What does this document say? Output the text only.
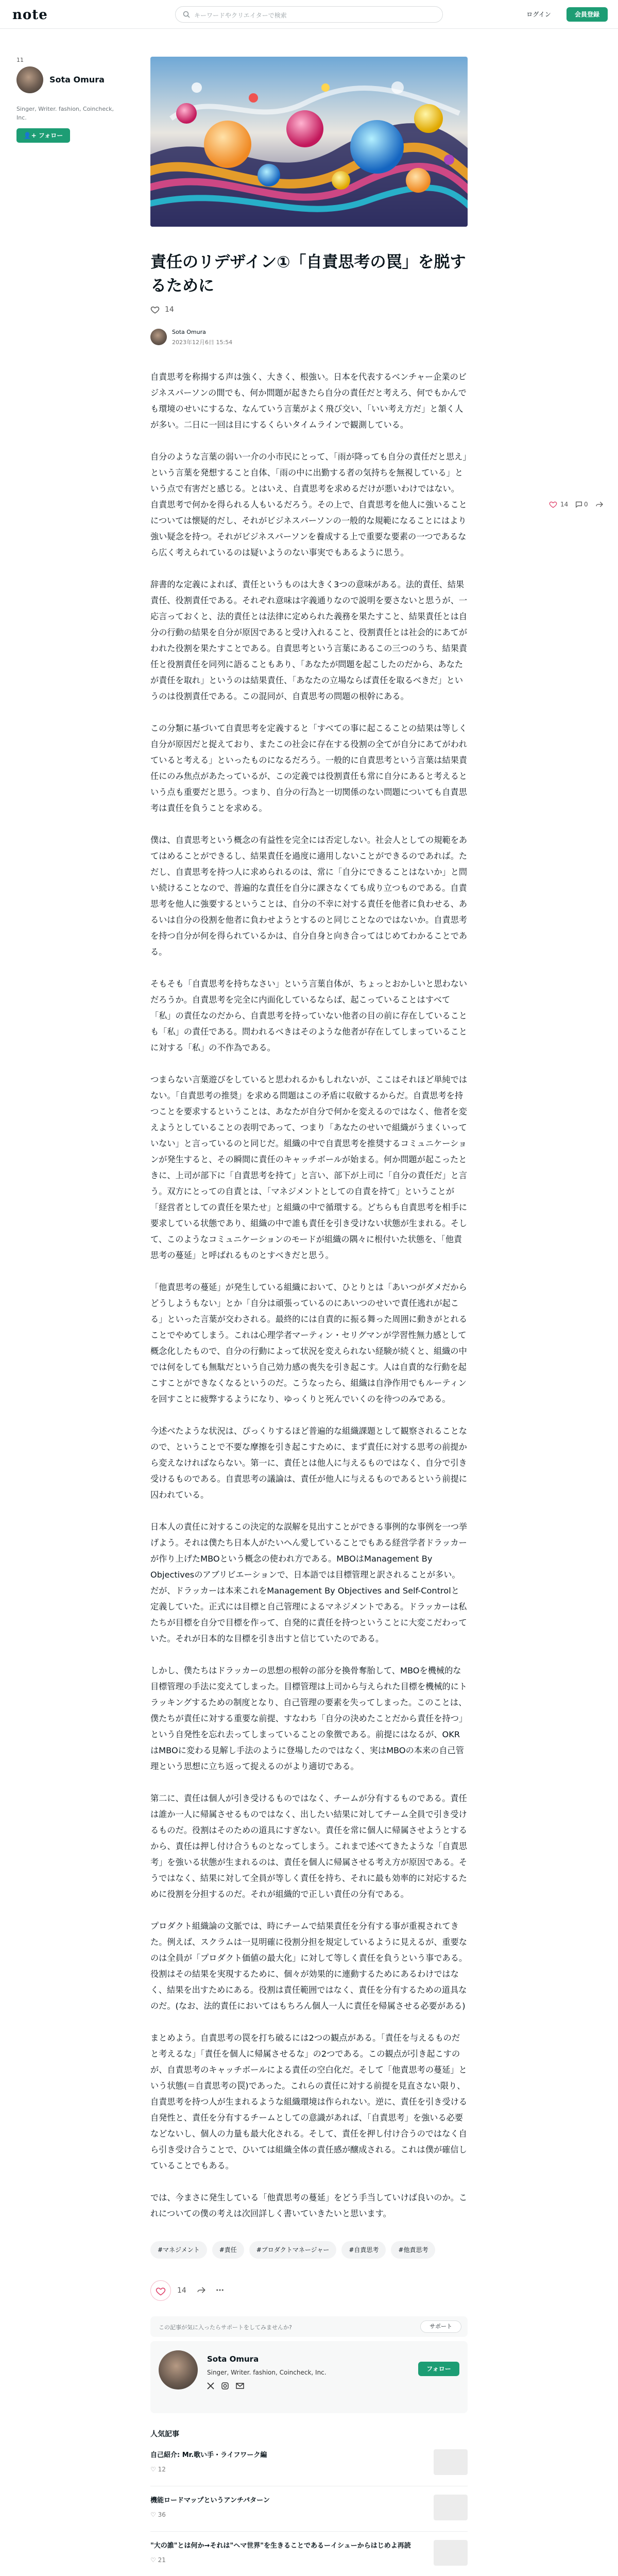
note	キーワードやクリエイターで検索	ログイン	会員登録
11
Sota Omura
Singer, Writer. fashion, Coincheck, Inc.
👤+ フォロー
14	0
責任のリデザイン①「自責思考の罠」を脱するために
14
Sota Omura
2023年12月6日 15:54

自責思考を称揚する声は強く、大きく、根強い。日本を代表するベンチャー企業のビジネスパーソンの間でも、何か問題が起きたら自分の責任だと考えろ、何でもかんでも環境のせいにするな、なんていう言葉がよく飛び交い、「いい考え方だ」と頷く人が多い。二日に一回は目にするくらいタイムラインで観測している。

自分のような言葉の弱い一介の小市民にとって、「雨が降っても自分の責任だと思え」という言葉を発想すること自体、「雨の中に出勤する者の気持ちを無視している」という点で有害だと感じる。とはいえ、自責思考を求めるだけが悪いわけではない。自責思考で何かを得られる人もいるだろう。その上で、自責思考を他人に強いることについては懐疑的だし、それがビジネスパーソンの一般的な規範になることにはより強い疑念を持つ。それがビジネスパーソンを養成する上で重要な要素の一つであるなら広く考えられているのは疑いようのない事実でもあるように思う。

辞書的な定義によれば、責任というものは大きく3つの意味がある。法的責任、結果責任、役割責任である。それぞれ意味は字義通りなので説明を要さないと思うが、一応言っておくと、法的責任とは法律に定められた義務を果たすこと、結果責任とは自分の行動の結果を自分が原因であると受け入れること、役割責任とは社会的にあてがわれた役割を果たすことである。自責思考という言葉にあるこの三つのうち、結果責任と役割責任を同列に語ることもあり、「あなたが問題を起こしたのだから、あなたが責任を取れ」というのは結果責任、「あなたの立場ならば責任を取るべきだ」というのは役割責任である。この混同が、自責思考の問題の根幹にある。

この分類に基づいて自責思考を定義すると「すべての事に起こることの結果は等しく自分が原因だと捉えており、またこの社会に存在する役割の全てが自分にあてがわれていると考える」といったものになるだろう。一般的に自責思考という言葉は結果責任にのみ焦点があたっているが、この定義では役割責任も常に自分にあると考えるという点も重要だと思う。つまり、自分の行為と一切関係のない問題についても自責思考は責任を負うことを求める。

僕は、自責思考という概念の有益性を完全には否定しない。社会人としての規範をあてはめることができるし、結果責任を過度に適用しないことができるのであれば。ただし、自責思考を持つ人に求められるのは、常に「自分にできることはないか」と問い続けることなので、普遍的な責任を自分に課さなくても成り立つものである。自責思考を他人に強要するということは、自分の不幸に対する責任を他者に負わせる、あるいは自分の役割を他者に負わせようとするのと同じことなのではないか。自責思考を持つ自分が何を得られているかは、自分自身と向き合ってはじめてわかることである。

そもそも「自責思考を持ちなさい」という言葉自体が、ちょっとおかしいと思わないだろうか。自責思考を完全に内面化しているならば、起こっていることはすべて「私」の責任なのだから、自責思考を持っていない他者の目の前に存在していることも「私」の責任である。問われるべきはそのような他者が存在してしまっていることに対する「私」の不作為である。

つまらない言葉遊びをしていると思われるかもしれないが、ここはそれほど単純ではない。「自責思考の推奨」を求める問題はこの矛盾に収斂するからだ。自責思考を持つことを要求するということは、あなたが自分で何かを変えるのではなく、他者を変えようとしていることの表明であって、つまり「あなたのせいで組織がうまくいっていない」と言っているのと同じだ。組織の中で自責思考を推奨するコミュニケーションが発生すると、その瞬間に責任のキャッチボールが始まる。何か問題が起こったときに、上司が部下に「自責思考を持て」と言い、部下が上司に「自分の責任だ」と言う。双方にとっての自責とは、「マネジメントとしての自責を持て」ということが「経営者としての責任を果たせ」と組織の中で循環する。どちらも自責思考を相手に要求している状態であり、組織の中で誰も責任を引き受けない状態が生まれる。そして、このようなコミュニケーションのモードが組織の隅々に根付いた状態を、「他責思考の蔓延」と呼ばれるものとすべきだと思う。

「他責思考の蔓延」が発生している組織において、ひとりとは「あいつがダメだからどうしようもない」とか「自分は頑張っているのにあいつのせいで責任逃れが起こる」といった言葉が交わされる。最終的には自責的に振る舞った周囲に動きがとれることでやめてしまう。これは心理学者マーティン・セリグマンが学習性無力感として概念化したもので、自分の行動によって状況を変えられない経験が続くと、組織の中では何をしても無駄だという自己効力感の喪失を引き起こす。人は自責的な行動を起こすことができなくなるというのだ。こうなったら、組織は自浄作用でもルーティンを回すことに疲弊するようになり、ゆっくりと死んでいくのを待つのみである。

今述べたような状況は、ぴっくりするほど普遍的な組織課題として観察されることなので、ということで不要な摩擦を引き起こすために、まず責任に対する思考の前提から変えなければならない。第一に、責任とは他人に与えるものではなく、自分で引き受けるものである。自責思考の議論は、責任が他人に与えるものであるという前提に囚われている。

日本人の責任に対するこの決定的な誤解を見出すことができる事例的な事例を一つ挙げよう。それは僕たち日本人がたいへん愛していることでもある経営学者ドラッカーが作り上げたMBOという概念の使われ方である。MBOはManagement By Objectivesのアブリビエーションで、日本語では目標管理と訳されることが多い。だが、ドラッカーは本来これをManagement By Objectives and Self-Controlと定義していた。正式には目標と自己管理によるマネジメントである。ドラッカーは私たちが目標を自分で目標を作って、自発的に責任を持つということに大変こだわっていた。それが日本的な目標を引き出すと信じていたのである。

しかし、僕たちはドラッカーの思想の根幹の部分を換骨奪胎して、MBOを機械的な目標管理の手法に変えてしまった。目標管理は上司から与えられた目標を機械的にトラッキングするための制度となり、自己管理の要素を失ってしまった。このことは、僕たちが責任に対する重要な前提、すなわち「自分の決めたことだから責任を持つ」という自発性を忘れ去ってしまっていることの象徴である。前提にはなるが、OKRはMBOに変わる見解し手法のように登場したのではなく、実はMBOの本来の自己管理という思想に立ち返って捉えるのがより適切である。

第二に、責任は個人が引き受けるものではなく、チームが分有するものである。責任は誰か一人に帰属させるものではなく、出したい結果に対してチーム全員で引き受けるものだ。役割はそのための道具にすぎない。責任を常に個人に帰属させようとするから、責任は押し付け合うものとなってしまう。これまで述べてきたような「自責思考」を強いる状態が生まれるのは、責任を個人に帰属させる考え方が原因である。そうではなく、結果に対して全員が等しく責任を持ち、それに最も効率的に対応するために役割を分担するのだ。それが組織的で正しい責任の分有である。

プロダクト組織論の文脈では、時にチームで結果責任を分有する事が重視されてきた。例えば、スクラムは一見明確に役割分担を規定しているように見えるが、重要なのは全員が「プロダクト価値の最大化」に対して等しく責任を負うという事である。役割はその結果を実現するために、個々が効果的に連動するためにあるわけではなく、結果を出すためにある。役割は責任範囲ではなく、責任を分有するための道具なのだ。(なお、法的責任においてはもちろん個人一人に責任を帰属させる必要がある)

まとめよう。自責思考の罠を打ち破るには2つの観点がある。「責任を与えるものだと考えるな」「責任を個人に帰属させるな」の2つである。この観点が引き起こすのが、自責思考のキャッチボールによる責任の空白化だ。そして「他責思考の蔓延」という状態(＝自責思考の罠)であった。これらの責任に対する前提を見直さない限り、自責思考を持つ人が生まれるような組織環境は作られない。逆に、責任を引き受ける自発性と、責任を分有するチームとしての意識があれば、「自責思考」を強いる必要などないし、個人の力量も最大化される。そして、責任を押し付け合うのではなく自ら引き受け合うことで、ひいては組織全体の責任感が醸成される。これは僕が確信していることでもある。

では、今まさに発生している「他責思考の蔓延」をどう手当していけば良いのか。これについての僕の考えは次回詳しく書いていきたいと思います。

#マネジメント	#責任	#プロダクトマネージャー	#自責思考	#他責思考
14
この記事が気に入ったらサポートをしてみませんか?	サポート
Sota Omura
Singer, Writer. fashion, Coincheck, Inc.	フォロー
人気記事
自己紹介: Mr.歌い手・ライフワーク編
♡ 12
機能ロードマップというアンチパターン
♡ 36
"大の誰"とは何か→それは"ヘマ世界"を生きることであるーイシューからはじめよ再読
♡ 21
